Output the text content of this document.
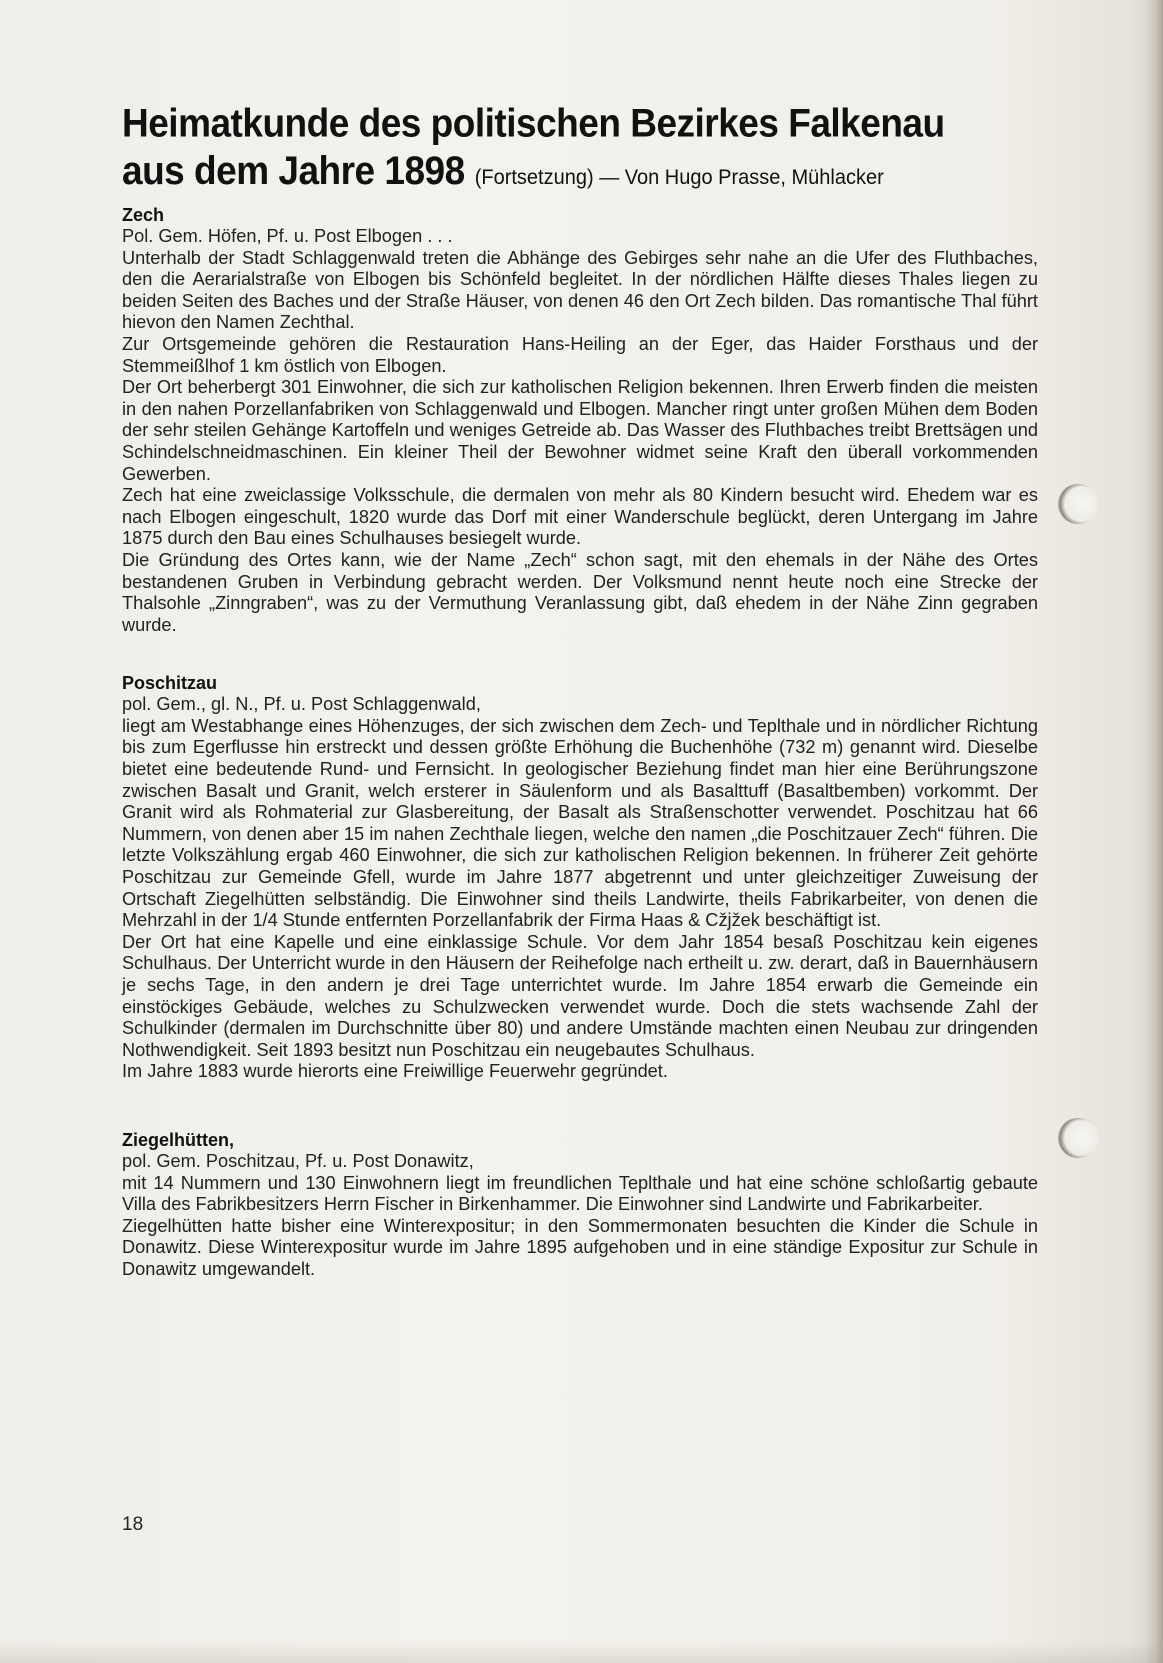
Heimatkunde des politischen Bezirkes Falkenau
aus dem Jahre 1898 (Fortsetzung) — Von Hugo Prasse, Mühlacker
Zech
Pol. Gem. Höfen, Pf. u. Post Elbogen . . .

Unterhalb der Stadt Schlaggenwald treten die Abhänge des Gebirges sehr nahe an die Ufer des Fluthbaches, den die Aerarialstraße von Elbogen bis Schönfeld begleitet. In der nördlichen Hälfte dieses Thales liegen zu beiden Seiten des Baches und der Straße Häuser, von denen 46 den Ort Zech bilden. Das romantische Thal führt hievon den Namen Zechthal.

Zur Ortsgemeinde gehören die Restauration Hans-Heiling an der Eger, das Haider Forsthaus und der Stemmeißlhof 1 km östlich von Elbogen.

Der Ort beherbergt 301 Einwohner, die sich zur katholischen Religion bekennen. Ihren Erwerb finden die meisten in den nahen Porzellanfabriken von Schlaggenwald und Elbogen. Mancher ringt unter großen Mühen dem Boden der sehr steilen Gehänge Kartoffeln und weniges Getreide ab. Das Wasser des Fluthbaches treibt Brettsägen und Schindelschneidmaschinen. Ein kleiner Theil der Bewohner widmet seine Kraft den überall vorkommenden Gewerben.

Zech hat eine zweiclassige Volksschule, die dermalen von mehr als 80 Kindern besucht wird. Ehedem war es nach Elbogen eingeschult, 1820 wurde das Dorf mit einer Wanderschule beglückt, deren Untergang im Jahre 1875 durch den Bau eines Schulhauses besiegelt wurde.

Die Gründung des Ortes kann, wie der Name „Zech“ schon sagt, mit den ehemals in der Nähe des Ortes bestandenen Gruben in Verbindung gebracht werden. Der Volksmund nennt heute noch eine Strecke der Thalsohle „Zinngraben“, was zu der Vermuthung Veranlassung gibt, daß ehedem in der Nähe Zinn gegraben wurde.

Poschitzau
pol. Gem., gl. N., Pf. u. Post Schlaggenwald,

liegt am Westabhange eines Höhenzuges, der sich zwischen dem Zech- und Teplthale und in nördlicher Richtung bis zum Egerflusse hin erstreckt und dessen größte Erhöhung die Buchenhöhe (732 m) genannt wird. Dieselbe bietet eine bedeutende Rund- und Fernsicht. In geologischer Beziehung findet man hier eine Berührungszone zwischen Basalt und Granit, welch ersterer in Säulenform und als Basalttuff (Basaltbemben) vorkommt. Der Granit wird als Rohmaterial zur Glasbereitung, der Basalt als Straßenschotter verwendet. Poschitzau hat 66 Nummern, von denen aber 15 im nahen Zechthale liegen, welche den namen „die Poschitzauer Zech“ führen. Die letzte Volkszählung ergab 460 Einwohner, die sich zur katholischen Religion bekennen. In früherer Zeit gehörte Poschitzau zur Gemeinde Gfell, wurde im Jahre 1877 abgetrennt und unter gleichzeitiger Zuweisung der Ortschaft Ziegelhütten selbständig. Die Einwohner sind theils Landwirte, theils Fabrikarbeiter, von denen die Mehrzahl in der 1/4 Stunde entfernten Porzellanfabrik der Firma Haas & Cžjžek beschäftigt ist.

Der Ort hat eine Kapelle und eine einklassige Schule. Vor dem Jahr 1854 besaß Poschitzau kein eigenes Schulhaus. Der Unterricht wurde in den Häusern der Reihefolge nach ertheilt u. zw. derart, daß in Bauernhäusern je sechs Tage, in den andern je drei Tage unterrichtet wurde. Im Jahre 1854 erwarb die Gemeinde ein einstöckiges Gebäude, welches zu Schulzwecken verwendet wurde. Doch die stets wachsende Zahl der Schulkinder (dermalen im Durchschnitte über 80) und andere Umstände machten einen Neubau zur dringenden Nothwendigkeit. Seit 1893 besitzt nun Poschitzau ein neugebautes Schulhaus.

Im Jahre 1883 wurde hierorts eine Freiwillige Feuerwehr gegründet.

Ziegelhütten,
pol. Gem. Poschitzau, Pf. u. Post Donawitz,

mit 14 Nummern und 130 Einwohnern liegt im freundlichen Teplthale und hat eine schöne schloßartig gebaute Villa des Fabrikbesitzers Herrn Fischer in Birkenhammer. Die Einwohner sind Landwirte und Fabrikarbeiter.

Ziegelhütten hatte bisher eine Winterexpositur; in den Sommermonaten besuchten die Kinder die Schule in Donawitz. Diese Winterexpositur wurde im Jahre 1895 aufgehoben und in eine ständige Expositur zur Schule in Donawitz umgewandelt.

18
